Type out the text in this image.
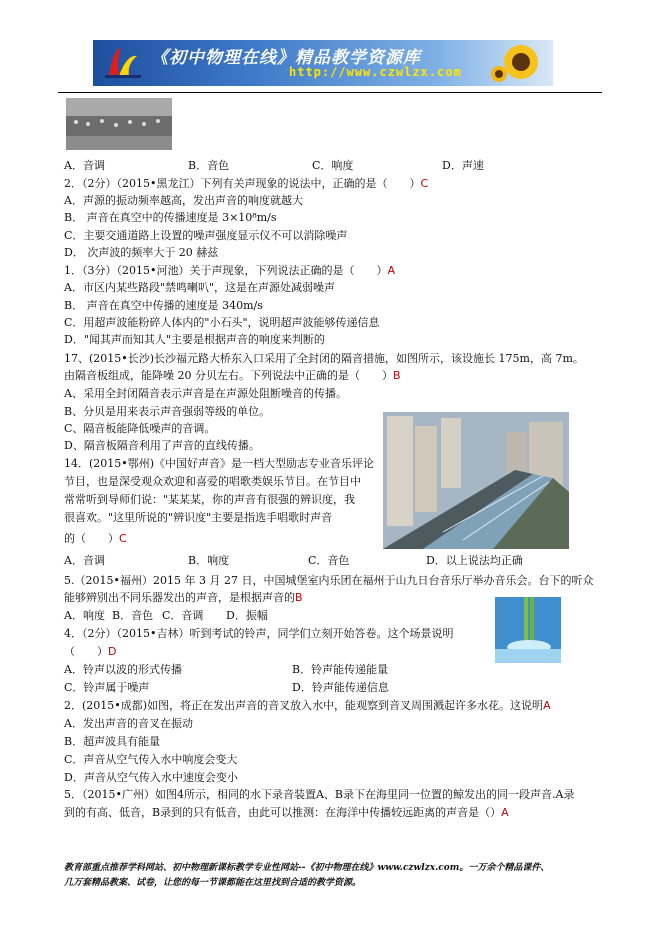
《初中物理在线》精品教学资源库
http://www.czwlzx.com
A．音调	B．音色	C．响度	D．声速
2．（2分）（2015•黑龙江）下列有关声现象的说法中，正确的是（　　）C
A．声源的振动频率越高，发出声音的响度就越大
B． 声音在真空中的传播速度是 3×10⁸m/s
C．主要交通道路上设置的噪声强度显示仪不可以消除噪声
D． 次声波的频率大于 20 赫兹
1．（3分）（2015•河池）关于声现象，下列说法正确的是（　　）A
A．市区内某些路段"禁鸣喇叭"，这是在声源处减弱噪声
B． 声音在真空中传播的速度是 340m/s
C．用超声波能粉碎人体内的"小石头"，说明超声波能够传递信息
D．"闻其声而知其人"主要是根据声音的响度来判断的
17、(2015•长沙)长沙福元路大桥东入口采用了全封闭的隔音措施，如图所示，该设施长 175m，高 7m。
由隔音板组成，能降噪 20 分贝左右。下列说法中正确的是（　　）B
A、采用全封闭隔音表示声音是在声源处阻断噪音的传播。
B、分贝是用来表示声音强弱等级的单位。
C、隔音板能降低噪声的音调。
D、隔音板隔音利用了声音的直线传播。
14．(2015•鄂州)《中国好声音》是一档大型励志专业音乐评论
节目，也是深受观众欢迎和喜爱的唱歌类娱乐节目。在节目中
常常听到导师们说："某某某，你的声音有很强的辨识度，我
很喜欢。"这里所说的"辨识度"主要是指选手唱歌时声音
的（　　）C
A．音调	B．响度	C．音色	D．以上说法均正确
5.（2015•福州）2015 年 3 月 27 日，中国城堡室内乐团在福州于山九日台音乐厅举办音乐会。台下的听众
能够辨别出不同乐器发出的声音，是根据声音的B
A．响度 B．音色 C．音调 D．振幅
4．（2分）（2015•吉林）听到考试的铃声，同学们立刻开始答卷。这个场景说明
（　　）D
A．铃声以波的形式传播	B．铃声能传递能量
C．铃声属于噪声	D．铃声能传递信息
2．(2015•成都)如图，将正在发出声音的音叉放入水中，能观察到音叉周围溅起许多水花。这说明A
A．发出声音的音叉在振动
B．超声波具有能量
C．声音从空气传入水中响度会变大
D．声音从空气传入水中速度会变小
5．（2015•广州）如图4所示，相同的水下录音装置A、B录下在海里同一位置的鲸发出的同一段声音.A录
到的有高、低音，B录到的只有低音，由此可以推测：在海洋中传播较远距离的声音是（）A
教育部重点推荐学科网站、初中物理新课标教学专业性网站--《初中物理在线》www.czwlzx.com。一万余个精品课件、
几万套精品教案、试卷，让您的每一节课都能在这里找到合适的教学资源。
